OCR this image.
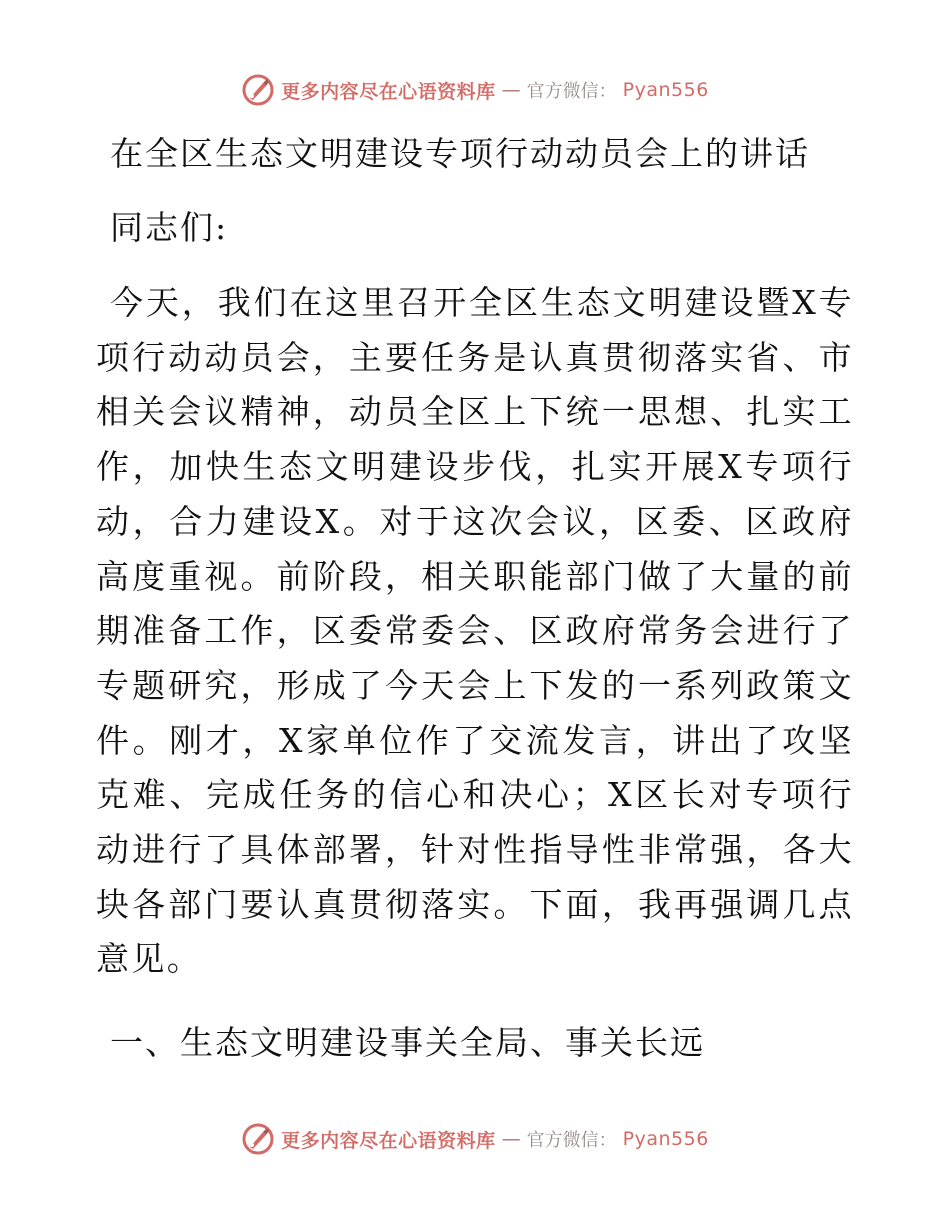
更多内容尽在心语资料库 — 官方微信： Pyan556
在全区生态文明建设专项行动动员会上的讲话

同志们:

今天，我们在这里召开全区生态文明建设暨X专项行动动员会，主要任务是认真贯彻落实省、市相关会议精神，动员全区上下统一思想、扎实工作，加快生态文明建设步伐，扎实开展X专项行动，合力建设X。对于这次会议，区委、区政府高度重视。前阶段，相关职能部门做了大量的前期准备工作，区委常委会、区政府常务会进行了专题研究，形成了今天会上下发的一系列政策文件。刚才，X家单位作了交流发言，讲出了攻坚克难、完成任务的信心和决心；X区长对专项行动进行了具体部署，针对性指导性非常强，各大块各部门要认真贯彻落实。下面，我再强调几点意见。

一、生态文明建设事关全局、事关长远
更多内容尽在心语资料库 — 官方微信： Pyan556
